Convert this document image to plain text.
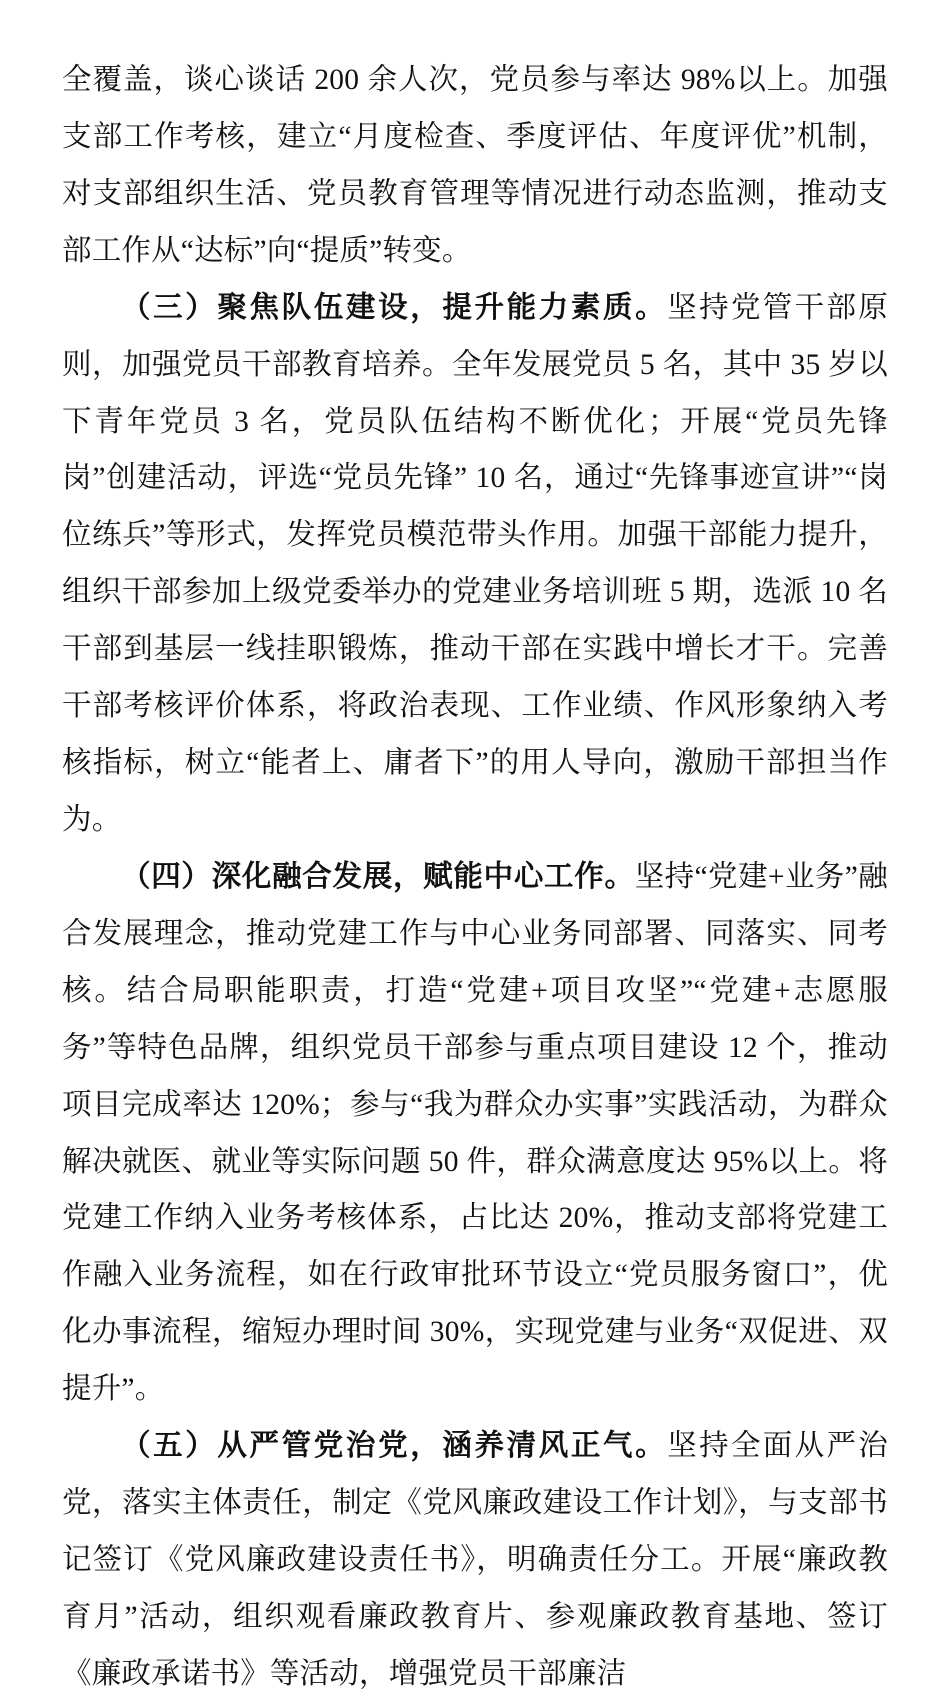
全覆盖，谈心谈话 200 余人次，党员参与率达 98%以上。加强支部工作考核，建立“月度检查、季度评估、年度评优”机制，对支部组织生活、党员教育管理等情况进行动态监测，推动支部工作从“达标”向“提质”转变。

（三）聚焦队伍建设，提升能力素质。坚持党管干部原则，加强党员干部教育培养。全年发展党员 5 名，其中 35 岁以下青年党员 3 名，党员队伍结构不断优化；开展“党员先锋岗”创建活动，评选“党员先锋” 10 名，通过“先锋事迹宣讲”“岗位练兵”等形式，发挥党员模范带头作用。加强干部能力提升，组织干部参加上级党委举办的党建业务培训班 5 期，选派 10 名干部到基层一线挂职锻炼，推动干部在实践中增长才干。完善干部考核评价体系，将政治表现、工作业绩、作风形象纳入考核指标，树立“能者上、庸者下”的用人导向，激励干部担当作为。

（四）深化融合发展，赋能中心工作。坚持“党建+业务”融合发展理念，推动党建工作与中心业务同部署、同落实、同考核。结合局职能职责，打造“党建+项目攻坚”“党建+志愿服务”等特色品牌，组织党员干部参与重点项目建设 12 个，推动项目完成率达 120%；参与“我为群众办实事”实践活动，为群众解决就医、就业等实际问题 50 件，群众满意度达 95%以上。将党建工作纳入业务考核体系，占比达 20%，推动支部将党建工作融入业务流程，如在行政审批环节设立“党员服务窗口”，优化办事流程，缩短办理时间 30%，实现党建与业务“双促进、双提升”。

（五）从严管党治党，涵养清风正气。坚持全面从严治党，落实主体责任，制定《党风廉政建设工作计划》，与支部书记签订《党风廉政建设责任书》，明确责任分工。开展“廉政教育月”活动，组织观看廉政教育片、参观廉政教育基地、签订《廉政承诺书》等活动，增强党员干部廉洁
